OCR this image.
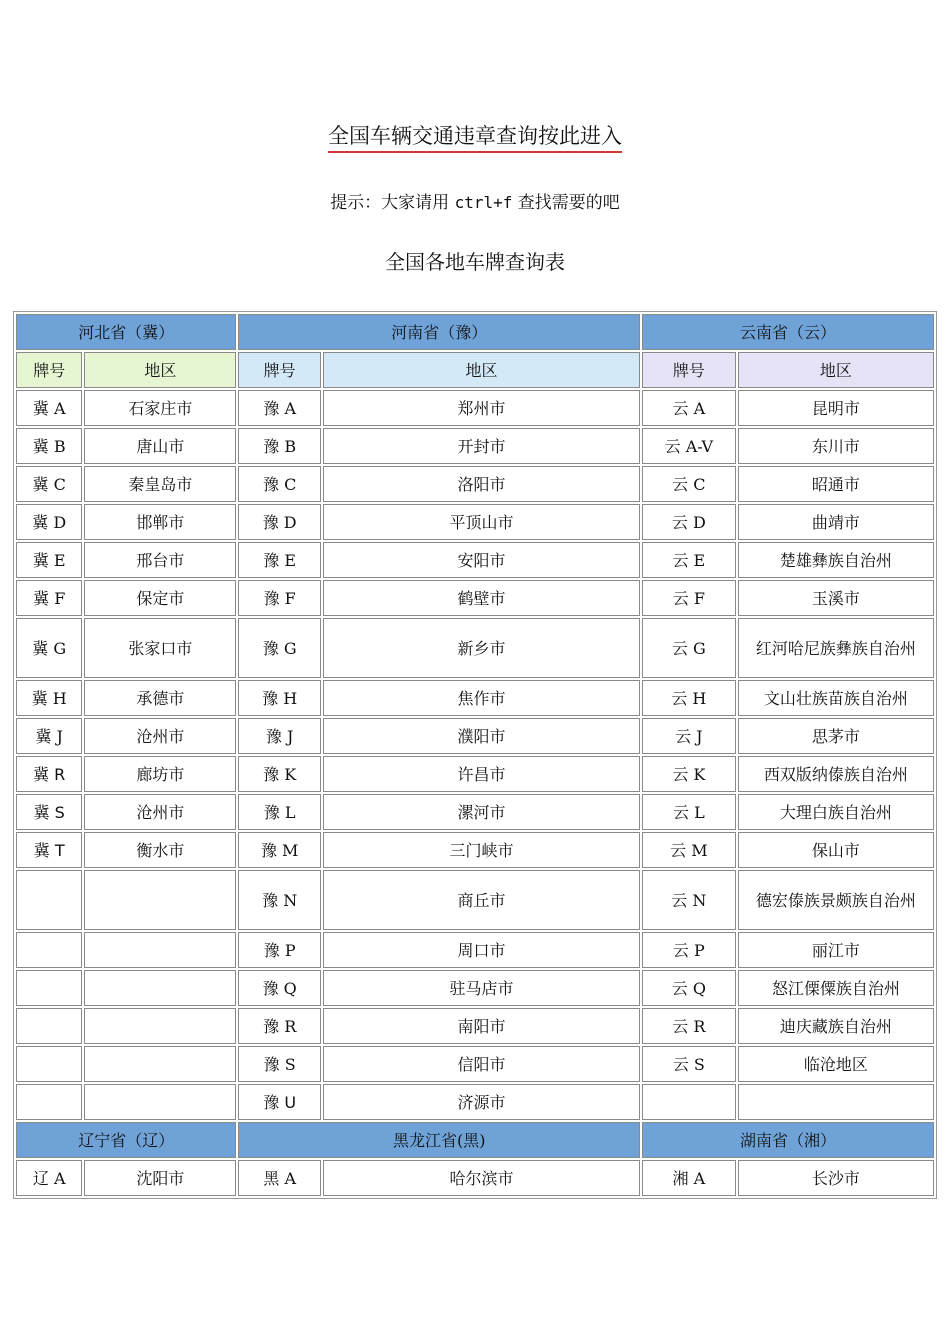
全国车辆交通违章查询按此进入
提示：大家请用 ctrl+f 查找需要的吧
全国各地车牌查询表
河北省（冀）		河南省（豫）		云南省（云）	
牌号	地区	牌号	地区	牌号	地区
冀 A	石家庄市	豫 A	郑州市	云 A	昆明市
冀 B	唐山市	豫 B	开封市	云 A-V	东川市
冀 C	秦皇岛市	豫 C	洛阳市	云 C	昭通市
冀 D	邯郸市	豫 D	平顶山市	云 D	曲靖市
冀 E	邢台市	豫 E	安阳市	云 E	楚雄彝族自治州
冀 F	保定市	豫 F	鹤壁市	云 F	玉溪市
冀 G	张家口市	豫 G	新乡市	云 G	红河哈尼族彝族自治州
冀 H	承德市	豫 H	焦作市	云 H	文山壮族苗族自治州
冀 J	沧州市	豫 J	濮阳市	云 J	思茅市
冀 R	廊坊市	豫 K	许昌市	云 K	西双版纳傣族自治州
冀 S	沧州市	豫 L	漯河市	云 L	大理白族自治州
冀 T	衡水市	豫 M	三门峡市	云 M	保山市
		豫 N	商丘市	云 N	德宏傣族景颇族自治州
		豫 P	周口市	云 P	丽江市
		豫 Q	驻马店市	云 Q	怒江傈僳族自治州
		豫 R	南阳市	云 R	迪庆藏族自治州
		豫 S	信阳市	云 S	临沧地区
		豫 U	济源市		
辽宁省（辽）		黑龙江省(黑)		湖南省（湘）	
辽 A	沈阳市	黑 A	哈尔滨市	湘 A	长沙市
